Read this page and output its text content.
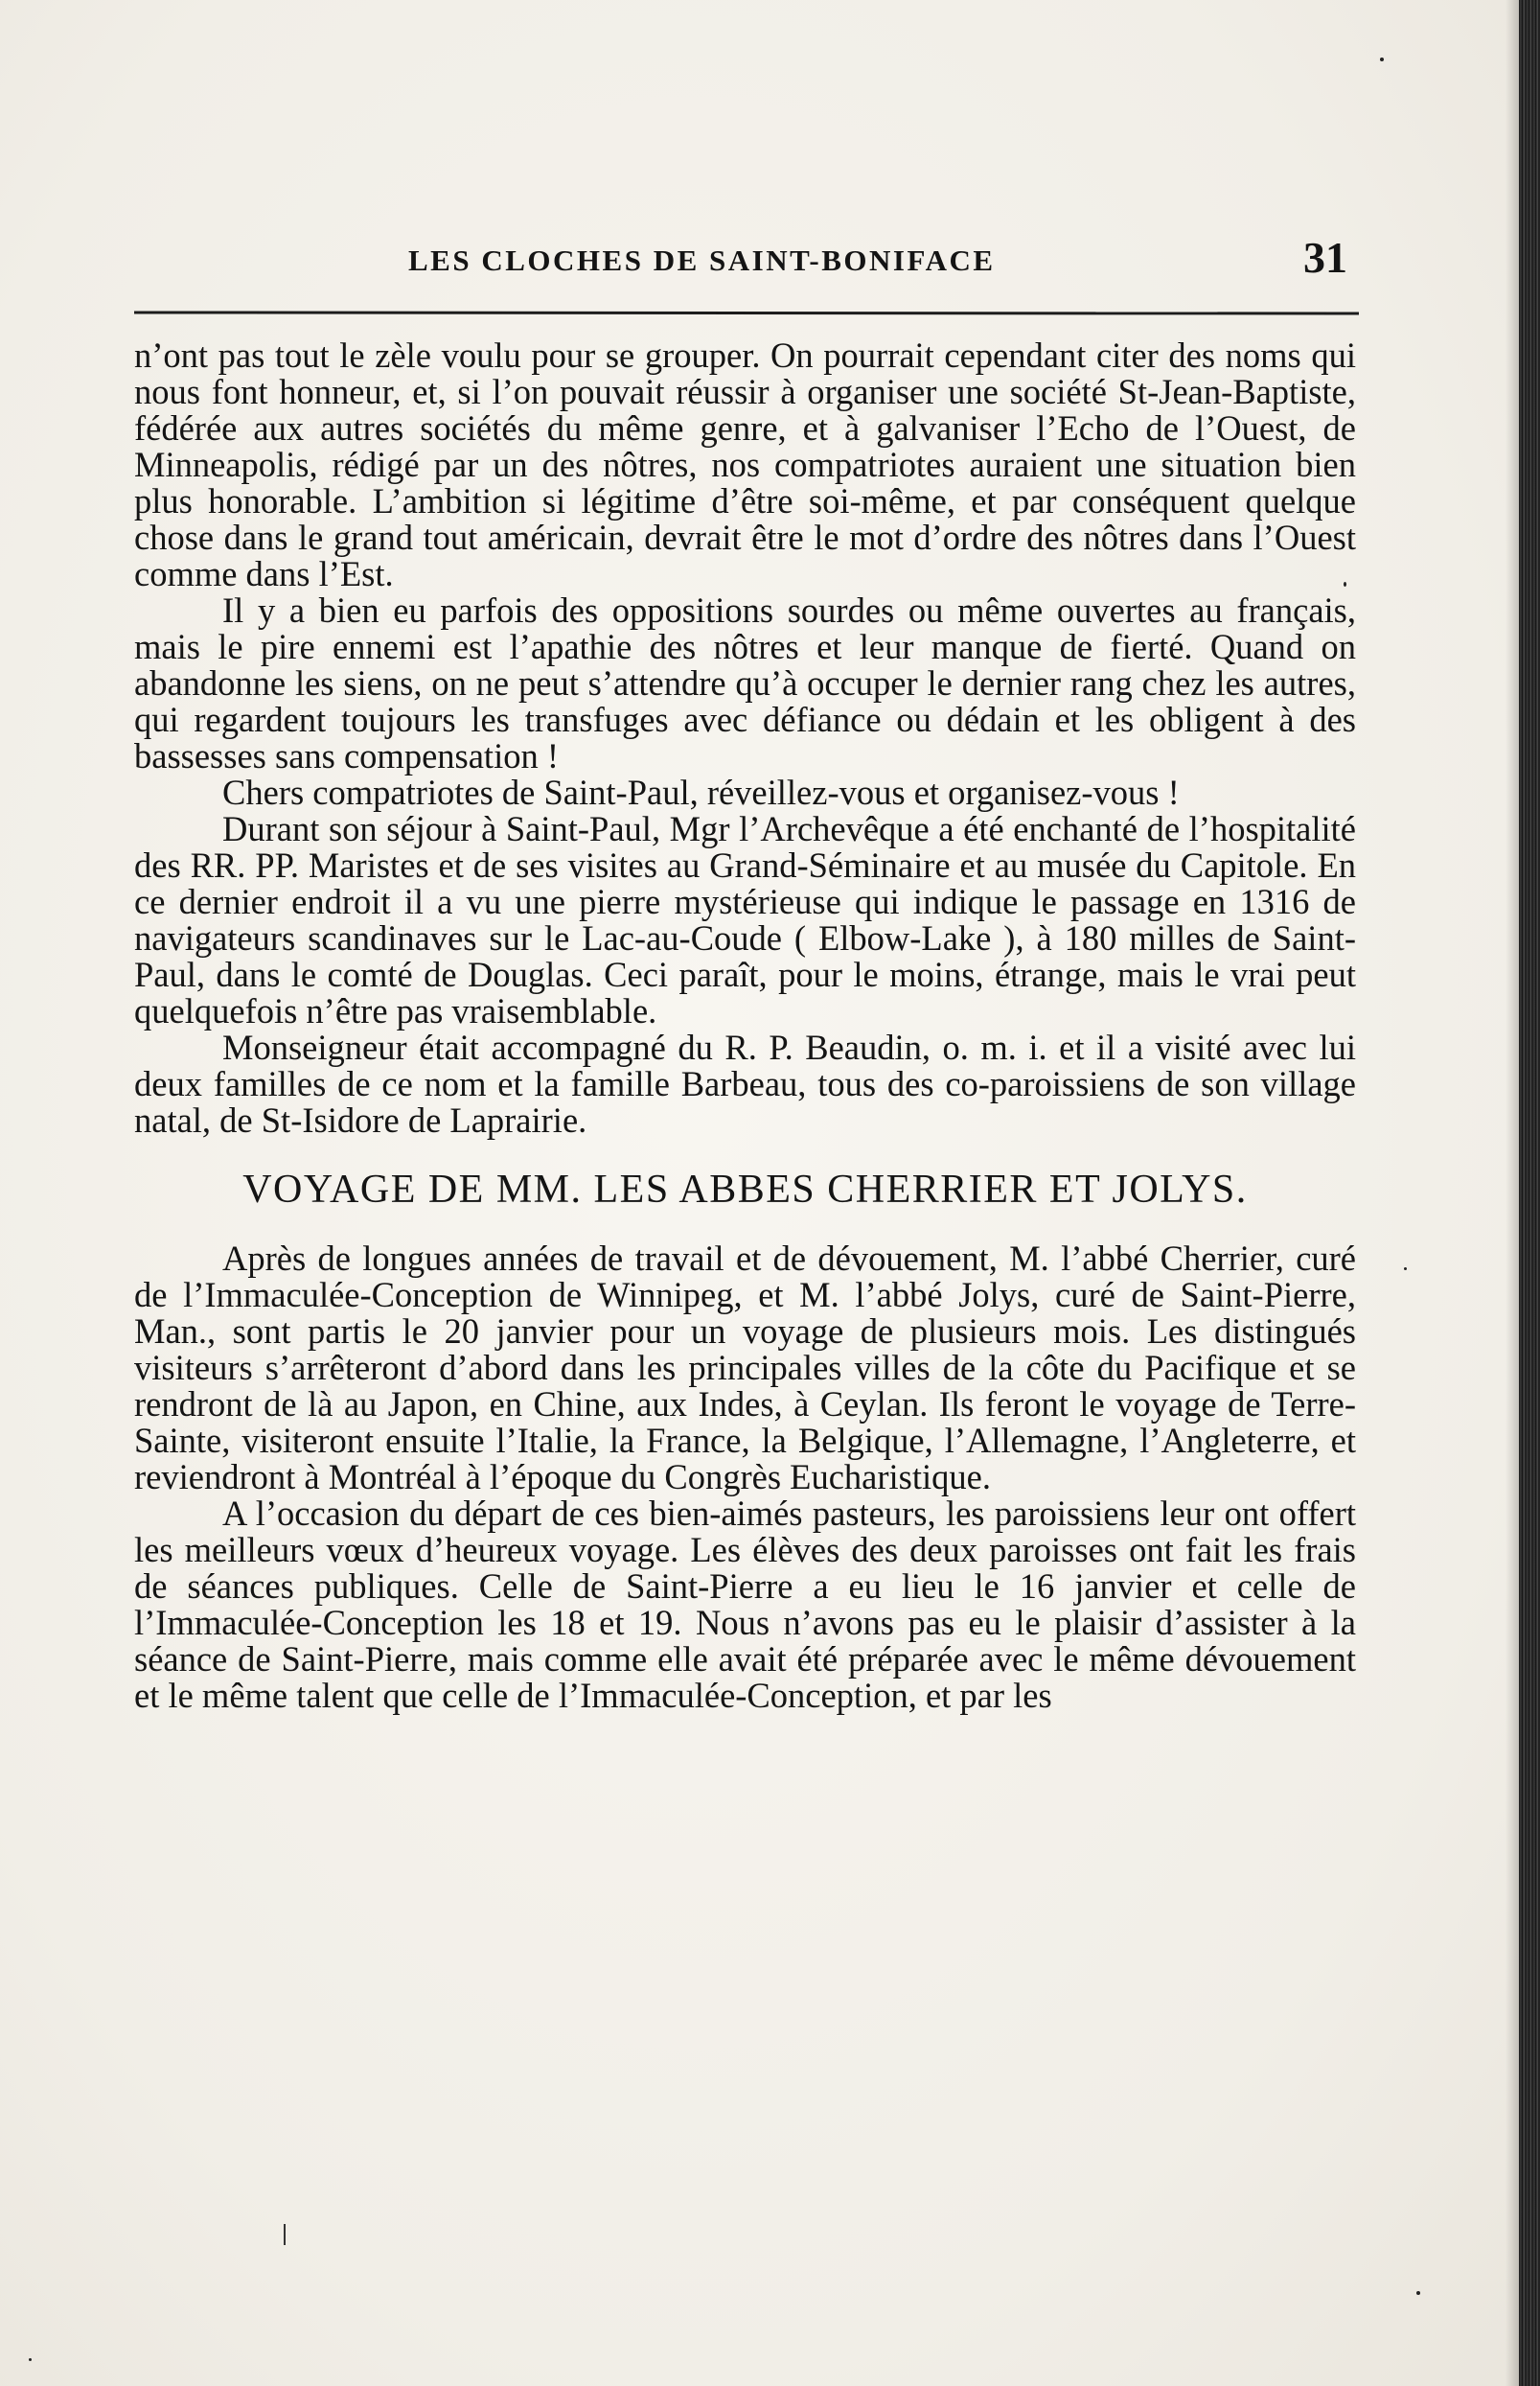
LES CLOCHES DE SAINT-BONIFACE	31

n’ont pas tout le zèle voulu pour se grouper. On pourrait cependant citer des noms qui nous font honneur, et, si l’on pouvait réussir à organiser une société St-Jean-Baptiste, fédérée aux autres sociétés du même genre, et à galvaniser l’Echo de l’Ouest, de Minneapolis, rédigé par un des nôtres, nos compatriotes auraient une situation bien plus honorable. L’ambition si légitime d’être soi-même, et par conséquent quelque chose dans le grand tout américain, devrait être le mot d’ordre des nôtres dans l’Ouest comme dans l’Est.

Il y a bien eu parfois des oppositions sourdes ou même ouvertes au français, mais le pire ennemi est l’apathie des nôtres et leur manque de fierté. Quand on abandonne les siens, on ne peut s’attendre qu’à occuper le dernier rang chez les autres, qui regardent toujours les transfuges avec défiance ou dédain et les obligent à des bassesses sans compensation !

Chers compatriotes de Saint-Paul, réveillez-vous et organisez-vous !

Durant son séjour à Saint-Paul, Mgr l’Archevêque a été enchanté de l’hospitalité des RR. PP. Maristes et de ses visites au Grand-Séminaire et au musée du Capitole. En ce dernier endroit il a vu une pierre mystérieuse qui indique le passage en 1316 de navigateurs scandinaves sur le Lac-au-Coude ( Elbow-Lake ), à 180 milles de Saint-Paul, dans le comté de Douglas. Ceci paraît, pour le moins, étrange, mais le vrai peut quelquefois n’être pas vraisemblable.

Monseigneur était accompagné du R. P. Beaudin, o. m. i. et il a visité avec lui deux familles de ce nom et la famille Barbeau, tous des co-paroissiens de son village natal, de St-Isidore de Laprairie.

VOYAGE DE MM. LES ABBES CHERRIER ET JOLYS.

Après de longues années de travail et de dévouement, M. l’abbé Cherrier, curé de l’Immaculée-Conception de Winnipeg, et M. l’abbé Jolys, curé de Saint-Pierre, Man., sont partis le 20 janvier pour un voyage de plusieurs mois. Les distingués visiteurs s’arrêteront d’abord dans les principales villes de la côte du Pacifique et se rendront de là au Japon, en Chine, aux Indes, à Ceylan. Ils feront le voyage de Terre-Sainte, visiteront ensuite l’Italie, la France, la Belgique, l’Allemagne, l’Angleterre, et reviendront à Montréal à l’époque du Congrès Eucharistique.

A l’occasion du départ de ces bien-aimés pasteurs, les paroissiens leur ont offert les meilleurs vœux d’heureux voyage. Les élèves des deux paroisses ont fait les frais de séances publiques. Celle de Saint-Pierre a eu lieu le 16 janvier et celle de l’Immaculée-Conception les 18 et 19. Nous n’avons pas eu le plaisir d’assister à la séance de Saint-Pierre, mais comme elle avait été préparée avec le même dévouement et le même talent que celle de l’Immaculée-Conception, et par les
